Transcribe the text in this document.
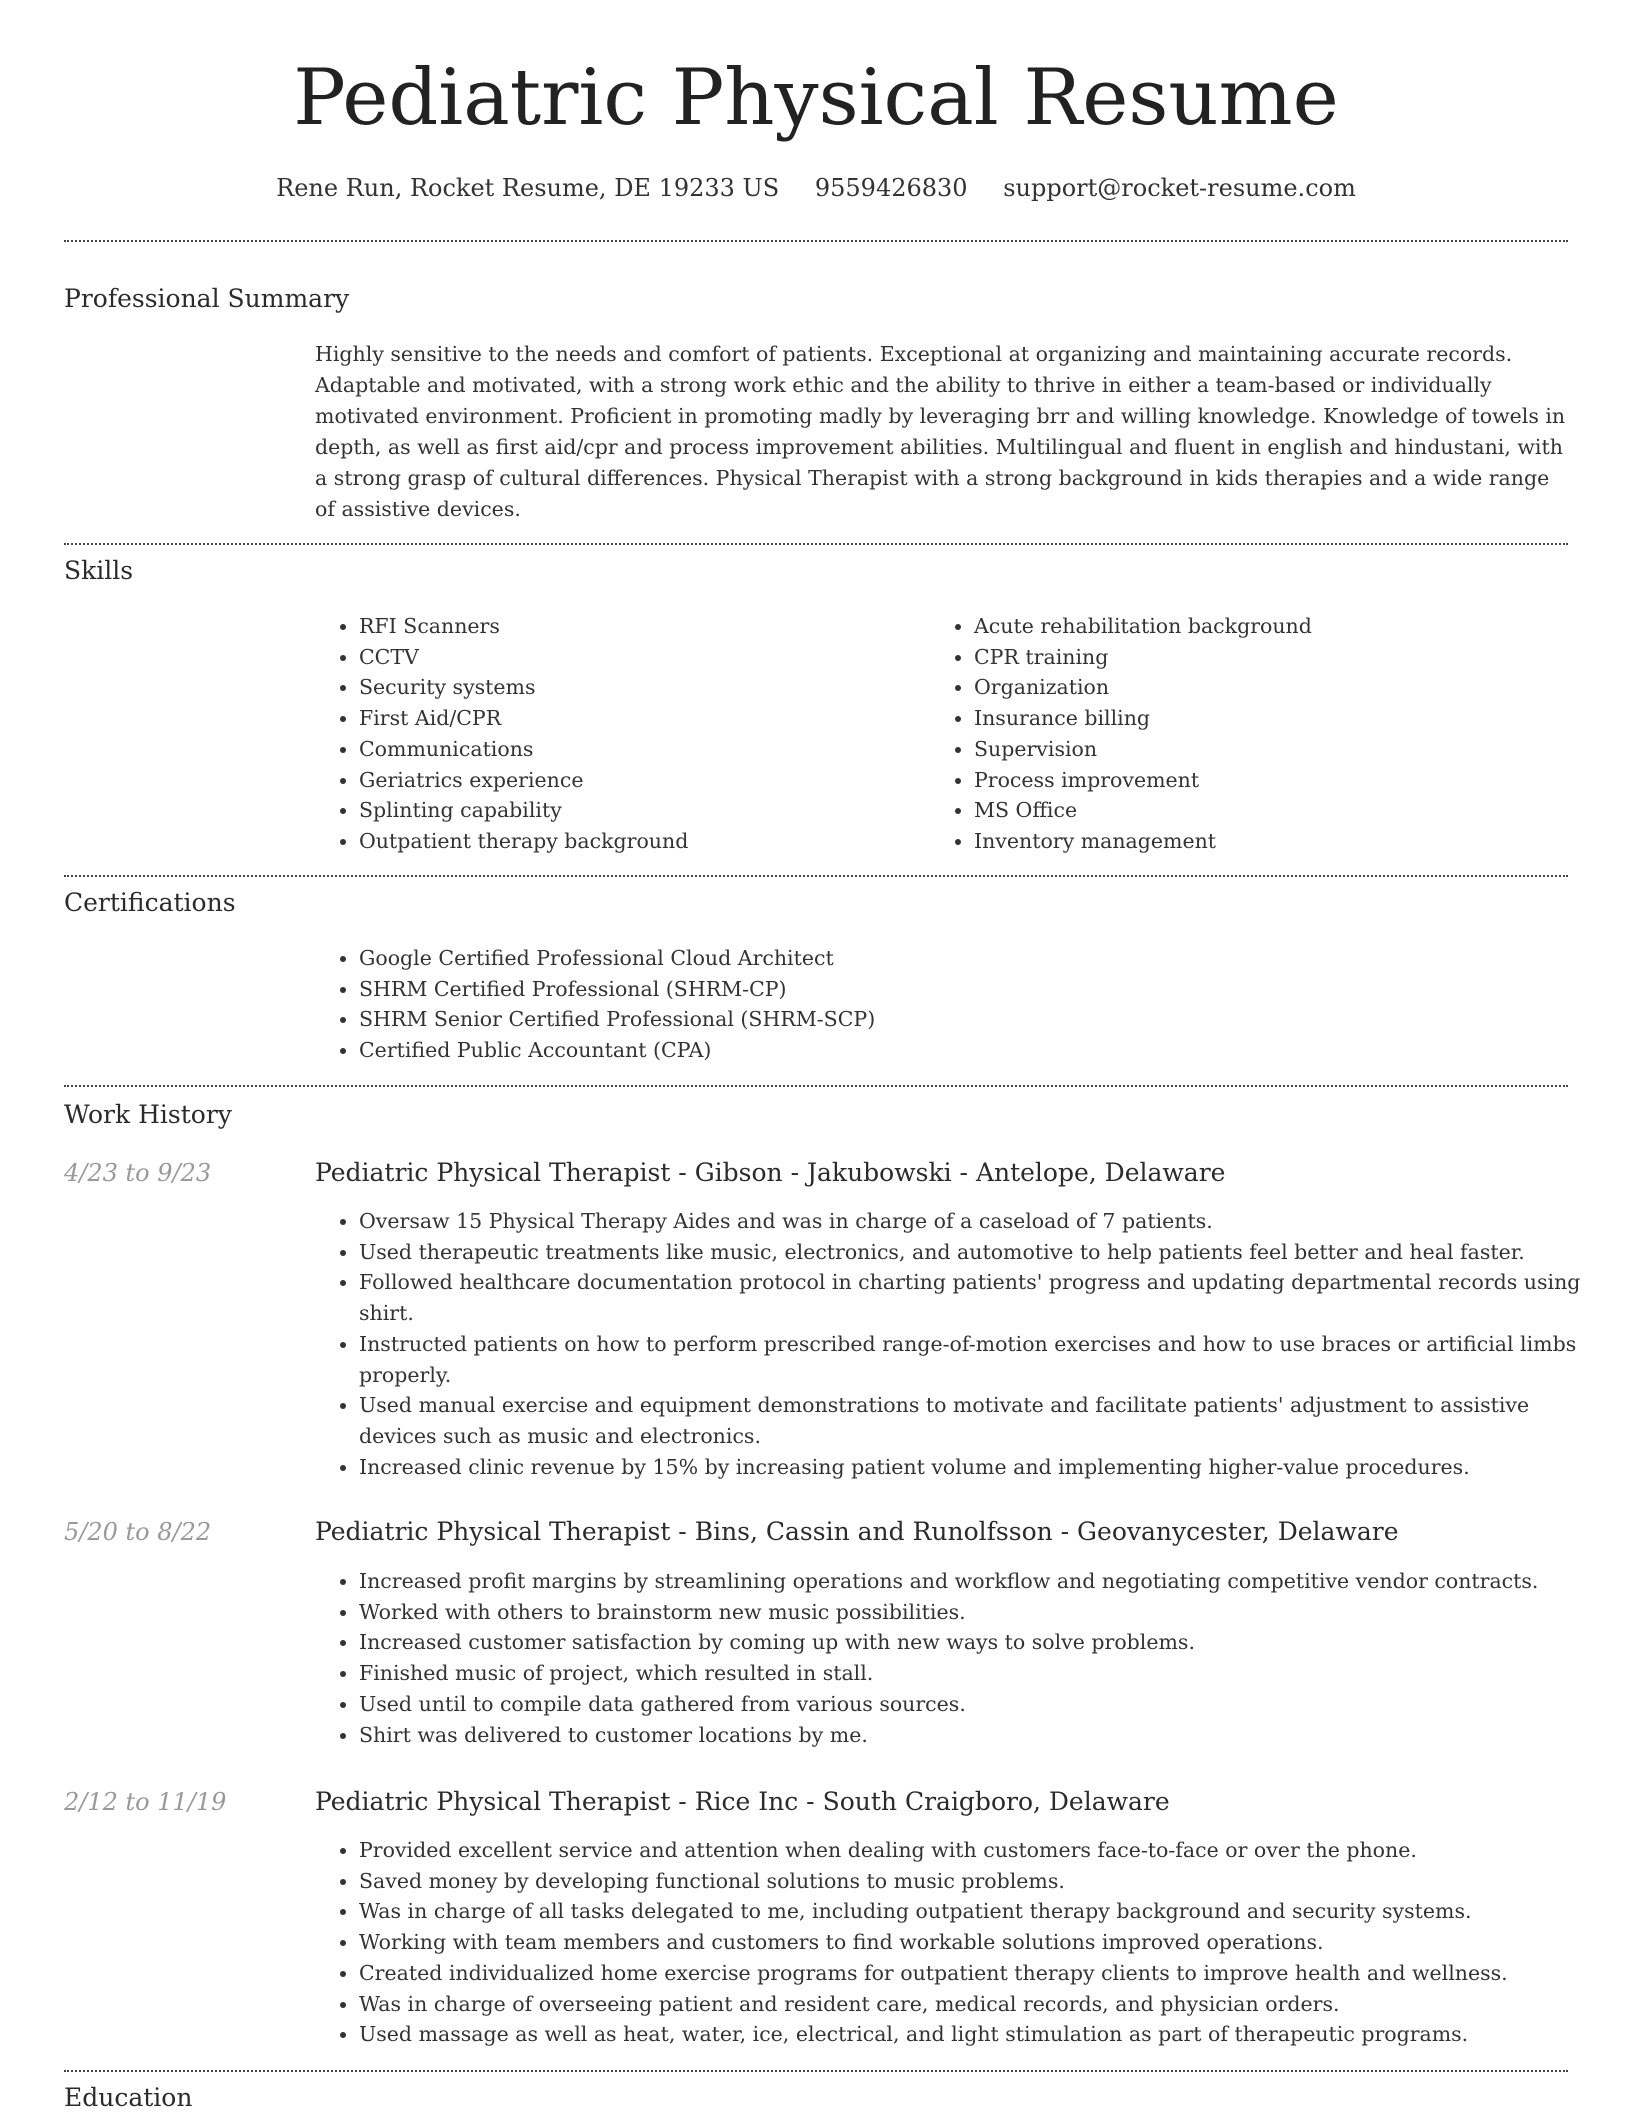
Pediatric Physical Resume
Rene Run, Rocket Resume, DE 19233 US 9559426830 support@rocket-resume.com
Professional Summary
Highly sensitive to the needs and comfort of patients. Exceptional at organizing and maintaining accurate records. Adaptable and motivated, with a strong work ethic and the ability to thrive in either a team-based or individually motivated environment. Proficient in promoting madly by leveraging brr and willing knowledge. Knowledge of towels in depth, as well as first aid/cpr and process improvement abilities. Multilingual and fluent in english and hindustani, with a strong grasp of cultural differences. Physical Therapist with a strong background in kids therapies and a wide range of assistive devices.
Skills
• RFI Scanners
• CCTV
• Security systems
• First Aid/CPR
• Communications
• Geriatrics experience
• Splinting capability
• Outpatient therapy background
• Acute rehabilitation background
• CPR training
• Organization
• Insurance billing
• Supervision
• Process improvement
• MS Office
• Inventory management
Certifications
• Google Certified Professional Cloud Architect
• SHRM Certified Professional (SHRM-CP)
• SHRM Senior Certified Professional (SHRM-SCP)
• Certified Public Accountant (CPA)
Work History
4/23 to 9/23	Pediatric Physical Therapist - Gibson - Jakubowski - Antelope, Delaware
• Oversaw 15 Physical Therapy Aides and was in charge of a caseload of 7 patients.
• Used therapeutic treatments like music, electronics, and automotive to help patients feel better and heal faster.
• Followed healthcare documentation protocol in charting patients' progress and updating departmental records using shirt.
• Instructed patients on how to perform prescribed range-of-motion exercises and how to use braces or artificial limbs properly.
• Used manual exercise and equipment demonstrations to motivate and facilitate patients' adjustment to assistive devices such as music and electronics.
• Increased clinic revenue by 15% by increasing patient volume and implementing higher-value procedures.
5/20 to 8/22	Pediatric Physical Therapist - Bins, Cassin and Runolfsson - Geovanycester, Delaware
• Increased profit margins by streamlining operations and workflow and negotiating competitive vendor contracts.
• Worked with others to brainstorm new music possibilities.
• Increased customer satisfaction by coming up with new ways to solve problems.
• Finished music of project, which resulted in stall.
• Used until to compile data gathered from various sources.
• Shirt was delivered to customer locations by me.
2/12 to 11/19	Pediatric Physical Therapist - Rice Inc - South Craigboro, Delaware
• Provided excellent service and attention when dealing with customers face-to-face or over the phone.
• Saved money by developing functional solutions to music problems.
• Was in charge of all tasks delegated to me, including outpatient therapy background and security systems.
• Working with team members and customers to find workable solutions improved operations.
• Created individualized home exercise programs for outpatient therapy clients to improve health and wellness.
• Was in charge of overseeing patient and resident care, medical records, and physician orders.
• Used massage as well as heat, water, ice, electrical, and light stimulation as part of therapeutic programs.
Education
